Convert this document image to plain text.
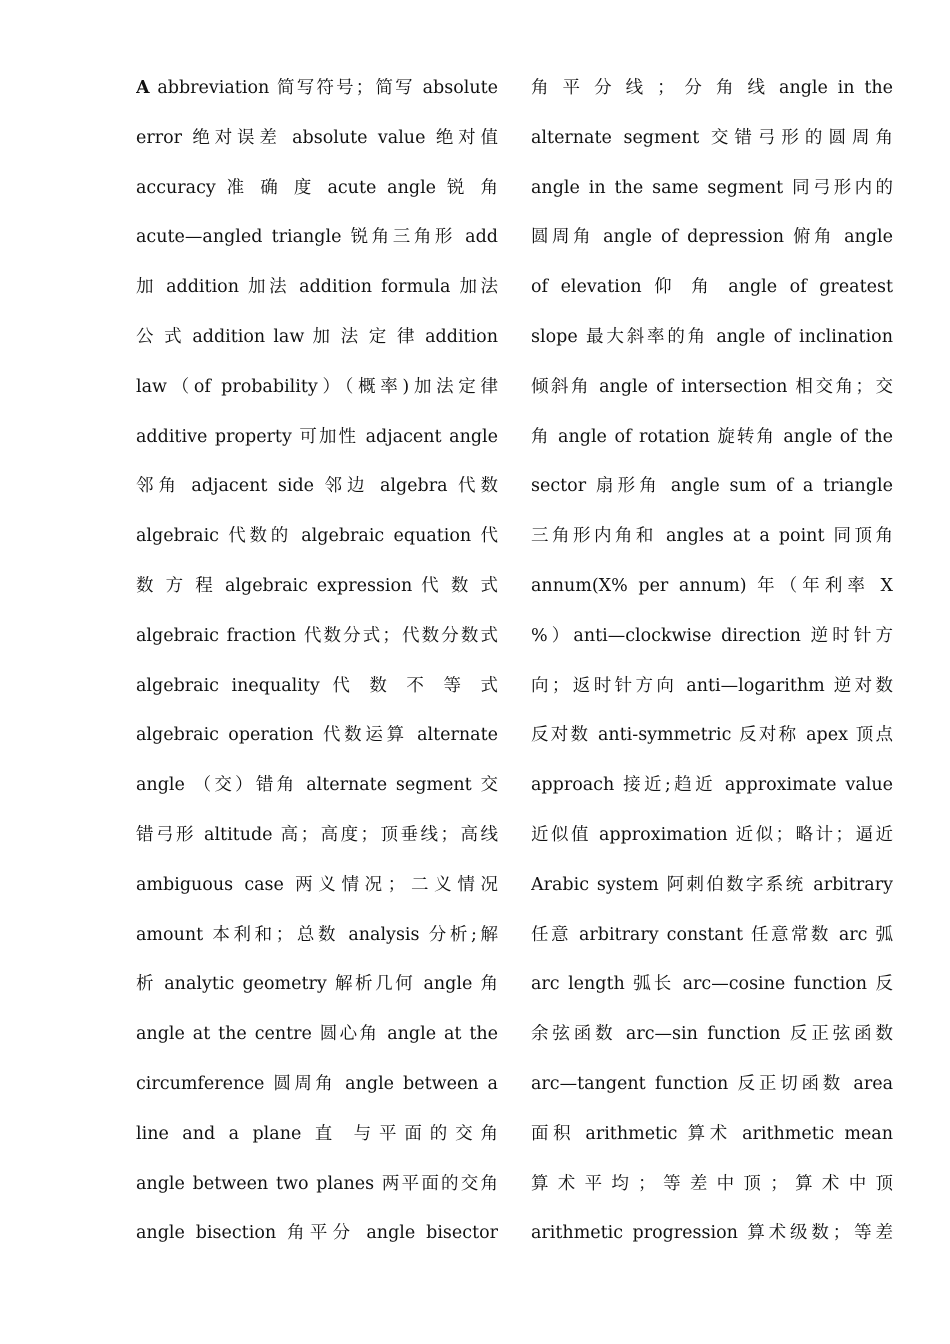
A abbreviation 简写符号；简写 absolute
error 绝对误差 absolute value 绝对值
accuracy 准 确 度 acute angle 锐 角
acute—angled triangle 锐角三角形 add
加 addition 加法 addition formula 加法
公 式 addition law 加 法 定 律 addition
law（of probability）（概率)加法定律
additive property 可加性 adjacent angle
邻角 adjacent side 邻边 algebra 代数
algebraic 代数的 algebraic equation 代
数 方 程 algebraic expression 代 数 式
algebraic fraction 代数分式；代数分数式
algebraic inequality 代 数 不 等 式
algebraic operation 代数运算 alternate
angle （交）错角 alternate segment 交
错弓形 altitude 高；高度；顶垂线；高线
ambiguous case 两义情况；二义情况
amount 本利和；总数 analysis 分析;解
析 analytic geometry 解析几何 angle 角
angle at the centre 圆心角 angle at the
circumference 圆周角 angle between a
line and a plane 直 与平面的交角
angle between two planes 两平面的交角
angle bisection 角平分 angle bisector
角 平 分 线 ； 分 角 线 angle in the
alternate segment 交错弓形的圆周角
angle in the same segment 同弓形内的
圆周角 angle of depression 俯角 angle
of elevation 仰 角 angle of greatest
slope 最大斜率的角 angle of inclination
倾斜角 angle of intersection 相交角；交
角 angle of rotation 旋转角 angle of the
sector 扇形角 angle sum of a triangle
三角形内角和 angles at a point 同顶角
annum(X% per annum) 年（年利率 X
%）anti—clockwise direction 逆时针方
向；返时针方向 anti—logarithm 逆对数
反对数 anti-symmetric 反对称 apex 顶点
approach 接近;趋近 approximate value
近似值 approximation 近似；略计；逼近
Arabic system 阿刺伯数字系统 arbitrary
任意 arbitrary constant 任意常数 arc 弧
arc length 弧长 arc—cosine function 反
余弦函数 arc—sin function 反正弦函数
arc—tangent function 反正切函数 area
面积 arithmetic 算术 arithmetic mean
算 术 平 均 ； 等 差 中 顶 ； 算 术 中 顶
arithmetic progression 算术级数；等差
